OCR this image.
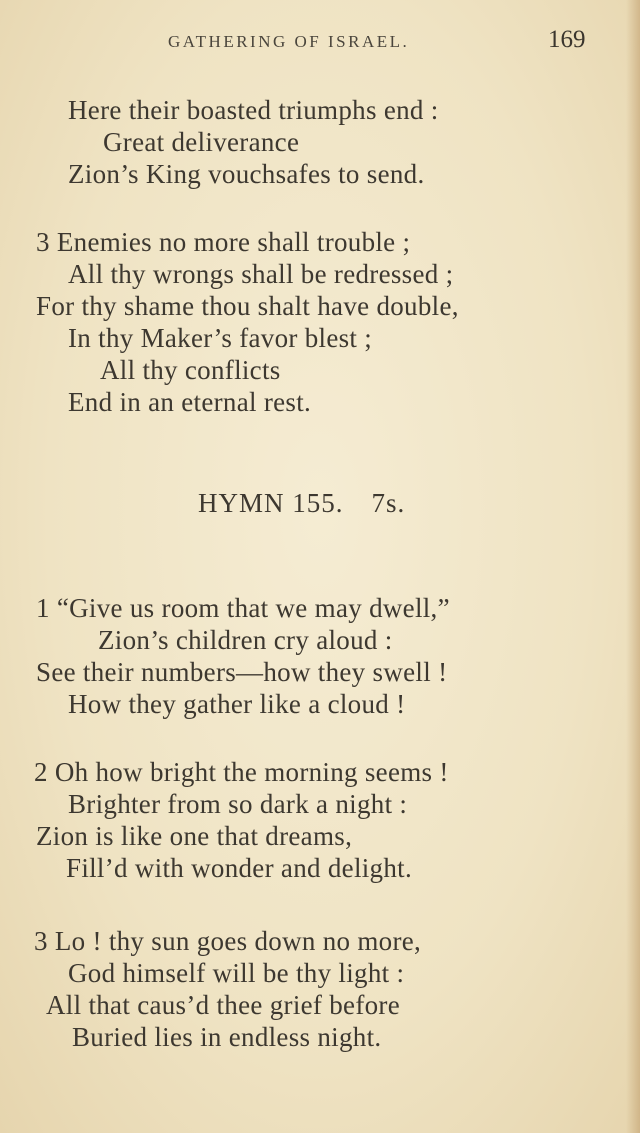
GATHERING OF ISRAEL.	169
Here their boasted triumphs end :
Great deliverance
Zion’s King vouchsafes to send.
3 Enemies no more shall trouble ;
All thy wrongs shall be redressed ;
For thy shame thou shalt have double,
In thy Maker’s favor blest ;
All thy conflicts
End in an eternal rest.
HYMN 155. 7s.
1 “Give us room that we may dwell,”
Zion’s children cry aloud :
See their numbers—how they swell !
How they gather like a cloud !
2 Oh how bright the morning seems !
Brighter from so dark a night :
Zion is like one that dreams,
Fill’d with wonder and delight.
3 Lo ! thy sun goes down no more,
God himself will be thy light :
All that caus’d thee grief before
Buried lies in endless night.
